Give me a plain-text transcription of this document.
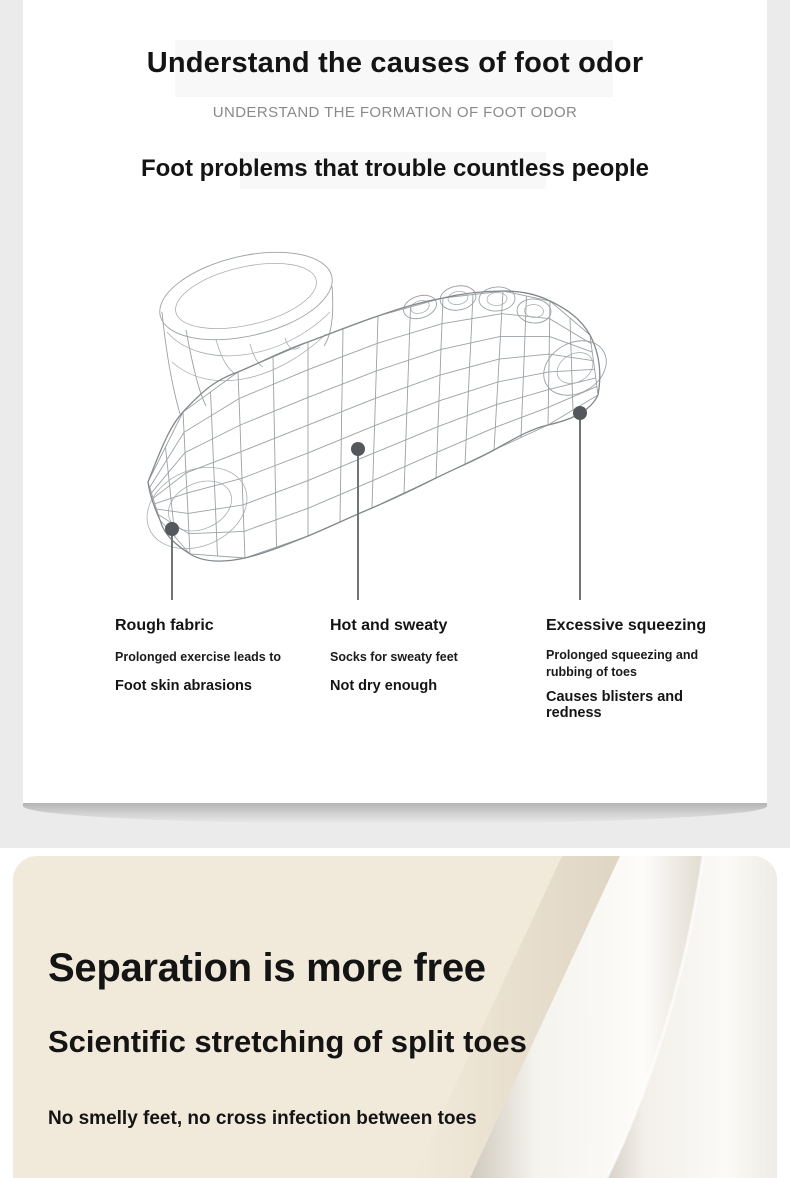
Understand the causes of foot odor
UNDERSTAND THE FORMATION OF FOOT ODOR
Foot problems that trouble countless people
Rough fabric
Prolonged exercise leads to
Foot skin abrasions
Hot and sweaty
Socks for sweaty feet
Not dry enough
Excessive squeezing
Prolonged squeezing and rubbing of toes
Causes blisters and redness
Separation is more free
Scientific stretching of split toes
No smelly feet, no cross infection between toes
